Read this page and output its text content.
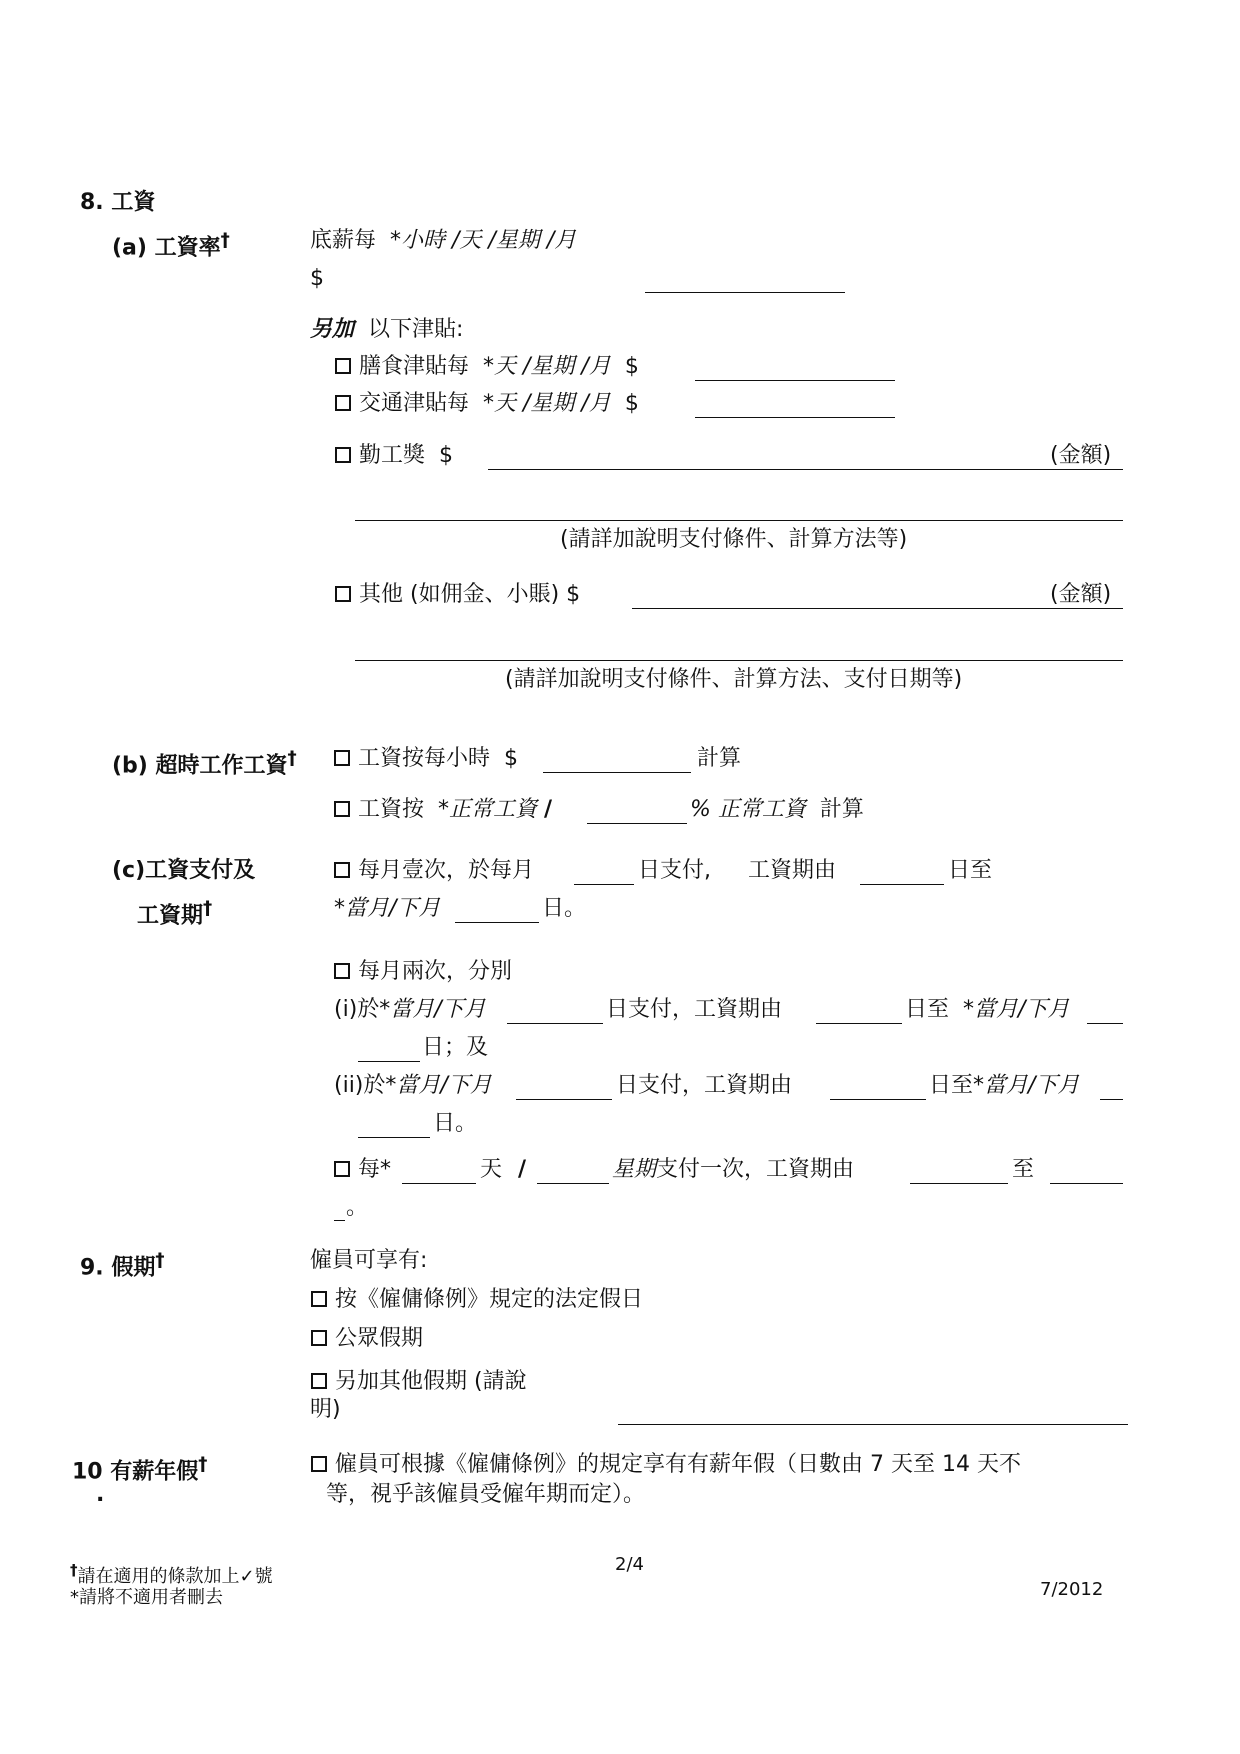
8. 工資
(a) 工資率†	底薪每 *小時 /天 /星期 /月
$
另加 以下津貼:
膳食津貼每 *天 /星期 /月 $
交通津貼每 *天 /星期 /月 $
勤工獎 $	(金額)
(請詳加說明支付條件、計算方法等)
其他 (如佣金、小賬) $	(金額)
(請詳加說明支付條件、計算方法、支付日期等)
(b) 超時工作工資†	工資按每小時 $	計算
工資按 *正常工資 /	% 正常工資 計算
(c)工資支付及
工資期†
每月壹次，於每月	日支付, 工資期由	日至
*當月/下月	日。
每月兩次，分別
(i)於*當月/下月	日支付，工資期由	日至 *當月/下月
日；及
(ii)於*當月/下月	日支付，工資期由	日至 *當月/下月
日。
每*	天 /	星期支付一次，工資期由	至
。
9. 假期†	僱員可享有:
按《僱傭條例》規定的法定假日
公眾假期
另加其他假期 (請說
明)
10 有薪年假†
.
僱員可根據《僱傭條例》的規定享有有薪年假（日數由 7 天至 14 天不
等，視乎該僱員受僱年期而定）。
†請在適用的條款加上✓號
*請將不適用者刪去
2/4
7/2012
